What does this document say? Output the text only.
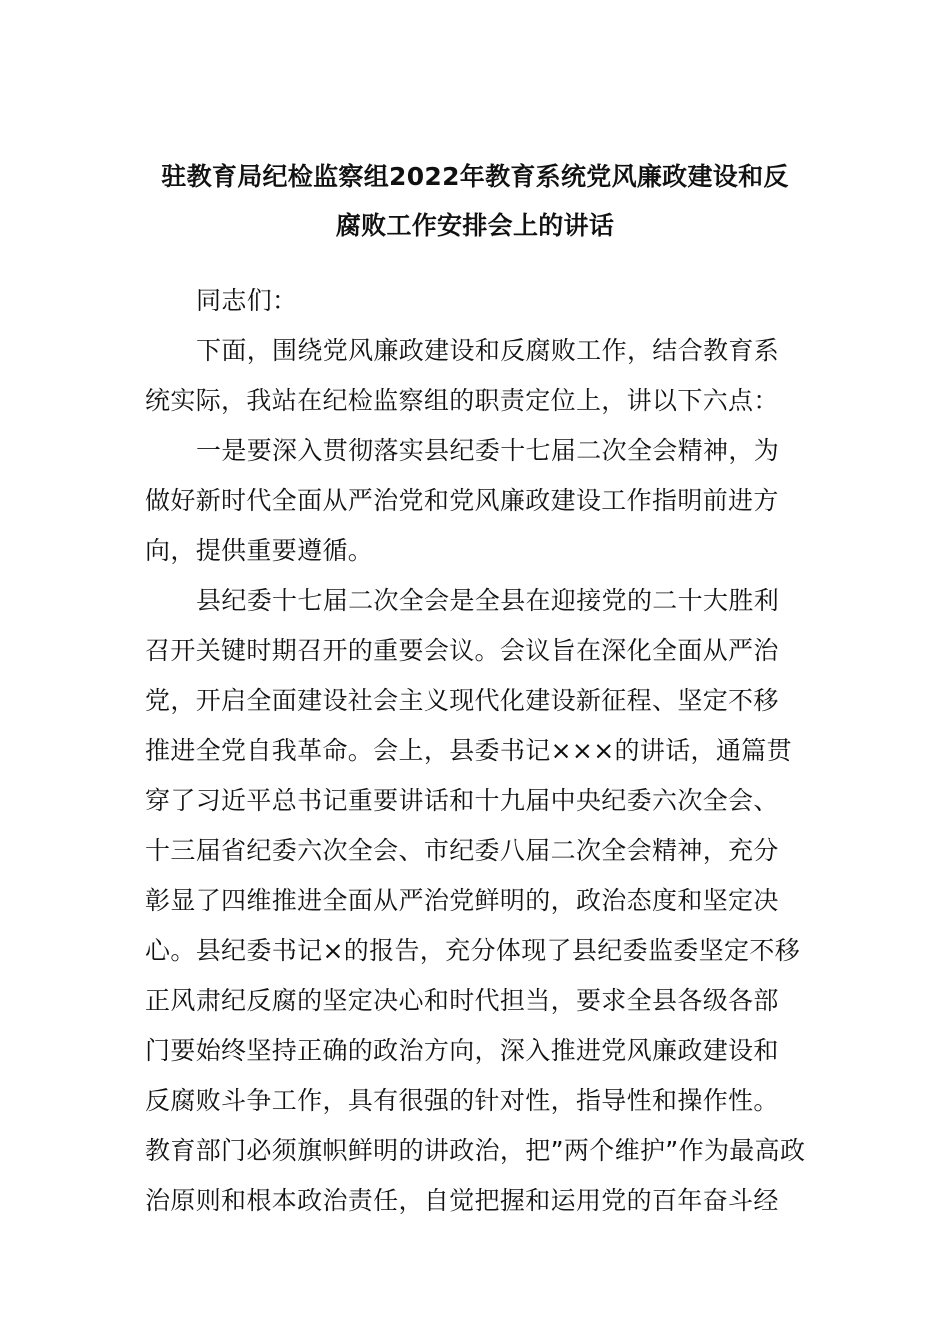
驻教育局纪检监察组2022年教育系统党风廉政建设和反
腐败工作安排会上的讲话
同志们：
下面，围绕党风廉政建设和反腐败工作，结合教育系
统实际，我站在纪检监察组的职责定位上，讲以下六点：
一是要深入贯彻落实县纪委十七届二次全会精神，为
做好新时代全面从严治党和党风廉政建设工作指明前进方
向，提供重要遵循。
县纪委十七届二次全会是全县在迎接党的二十大胜利
召开关键时期召开的重要会议。会议旨在深化全面从严治
党，开启全面建设社会主义现代化建设新征程、坚定不移
推进全党自我革命。会上，县委书记×××的讲话，通篇贯
穿了习近平总书记重要讲话和十九届中央纪委六次全会、
十三届省纪委六次全会、市纪委八届二次全会精神，充分
彰显了四维推进全面从严治党鲜明的，政治态度和坚定决
心。县纪委书记×的报告，充分体现了县纪委监委坚定不移
正风肃纪反腐的坚定决心和时代担当，要求全县各级各部
门要始终坚持正确的政治方向，深入推进党风廉政建设和
反腐败斗争工作，具有很强的针对性，指导性和操作性。
教育部门必须旗帜鲜明的讲政治，把”两个维护”作为最高政
治原则和根本政治责任，自觉把握和运用党的百年奋斗经
